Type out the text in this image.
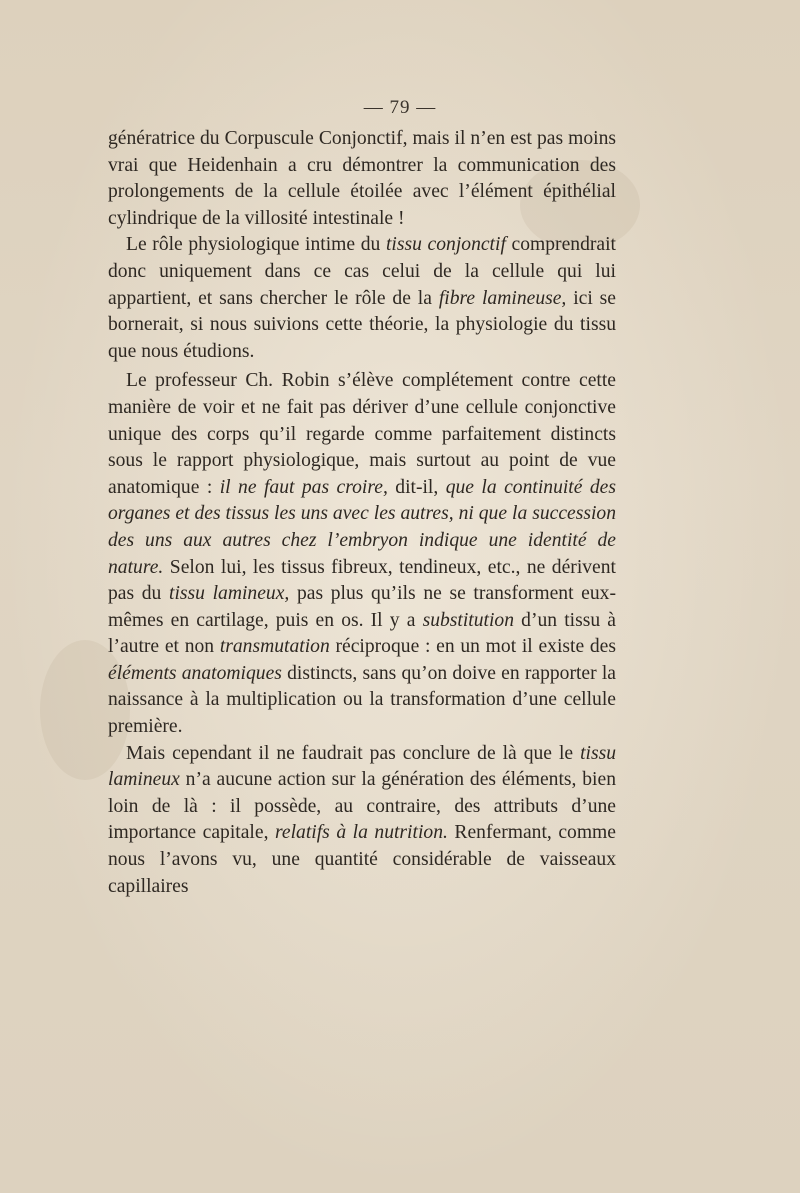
— 79 —

génératrice du Corpuscule Conjonctif, mais il n’en est pas moins vrai que Heidenhain a cru démontrer la communication des prolongements de la cellule étoilée avec l’élément épithélial cylindrique de la villosité intestinale !

Le rôle physiologique intime du tissu conjonctif comprendrait donc uniquement dans ce cas celui de la cellule qui lui appartient, et sans chercher le rôle de la fibre lamineuse, ici se bornerait, si nous suivions cette théorie, la physiologie du tissu que nous étudions.

Le professeur Ch. Robin s’élève complétement contre cette manière de voir et ne fait pas dériver d’une cellule conjonctive unique des corps qu’il regarde comme parfaitement distincts sous le rapport physiologique, mais surtout au point de vue anatomique : il ne faut pas croire, dit-il, que la continuité des organes et des tissus les uns avec les autres, ni que la succession des uns aux autres chez l’embryon indique une identité de nature. Selon lui, les tissus fibreux, tendineux, etc., ne dérivent pas du tissu lamineux, pas plus qu’ils ne se transforment eux-mêmes en cartilage, puis en os. Il y a substitution d’un tissu à l’autre et non transmutation réciproque : en un mot il existe des éléments anatomiques distincts, sans qu’on doive en rapporter la naissance à la multiplication ou la transformation d’une cellule première.

Mais cependant il ne faudrait pas conclure de là que le tissu lamineux n’a aucune action sur la génération des éléments, bien loin de là : il possède, au contraire, des attributs d’une importance capitale, relatifs à la nutrition. Renfermant, comme nous l’avons vu, une quantité considérable de vaisseaux capillaires
